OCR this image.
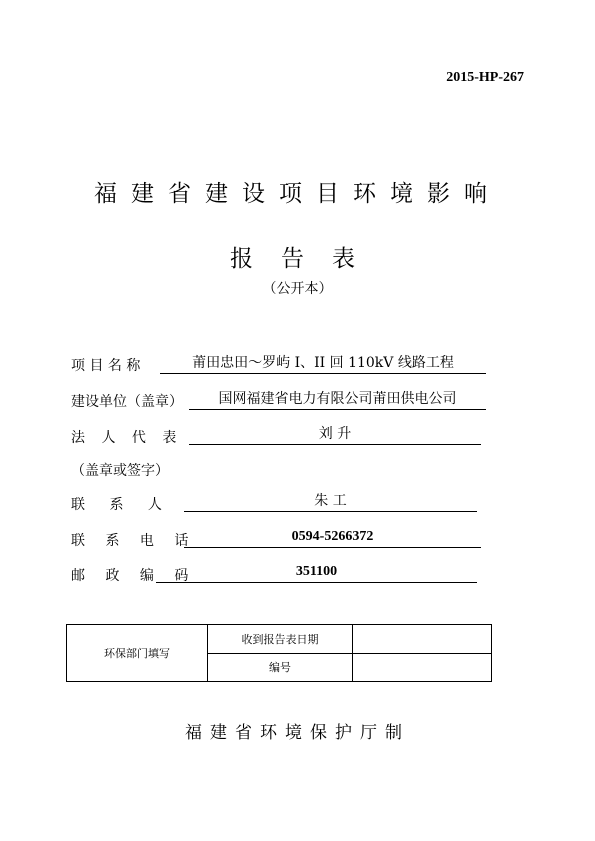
2015-HP-267
福建省建设项目环境影响
报告表
（公开本）
项 目 名 称	莆田忠田～罗屿 I、II 回 110kV 线路工程
建设单位（盖章）	国网福建省电力有限公司莆田供电公司
法 人 代 表	刘 升
（盖章或签字）
联 系 人	朱 工
联 系 电 话	0594-5266372
邮 政 编 码	351100
环保部门填写	收到报告表日期	
	编号	
福建省环境保护厅制
